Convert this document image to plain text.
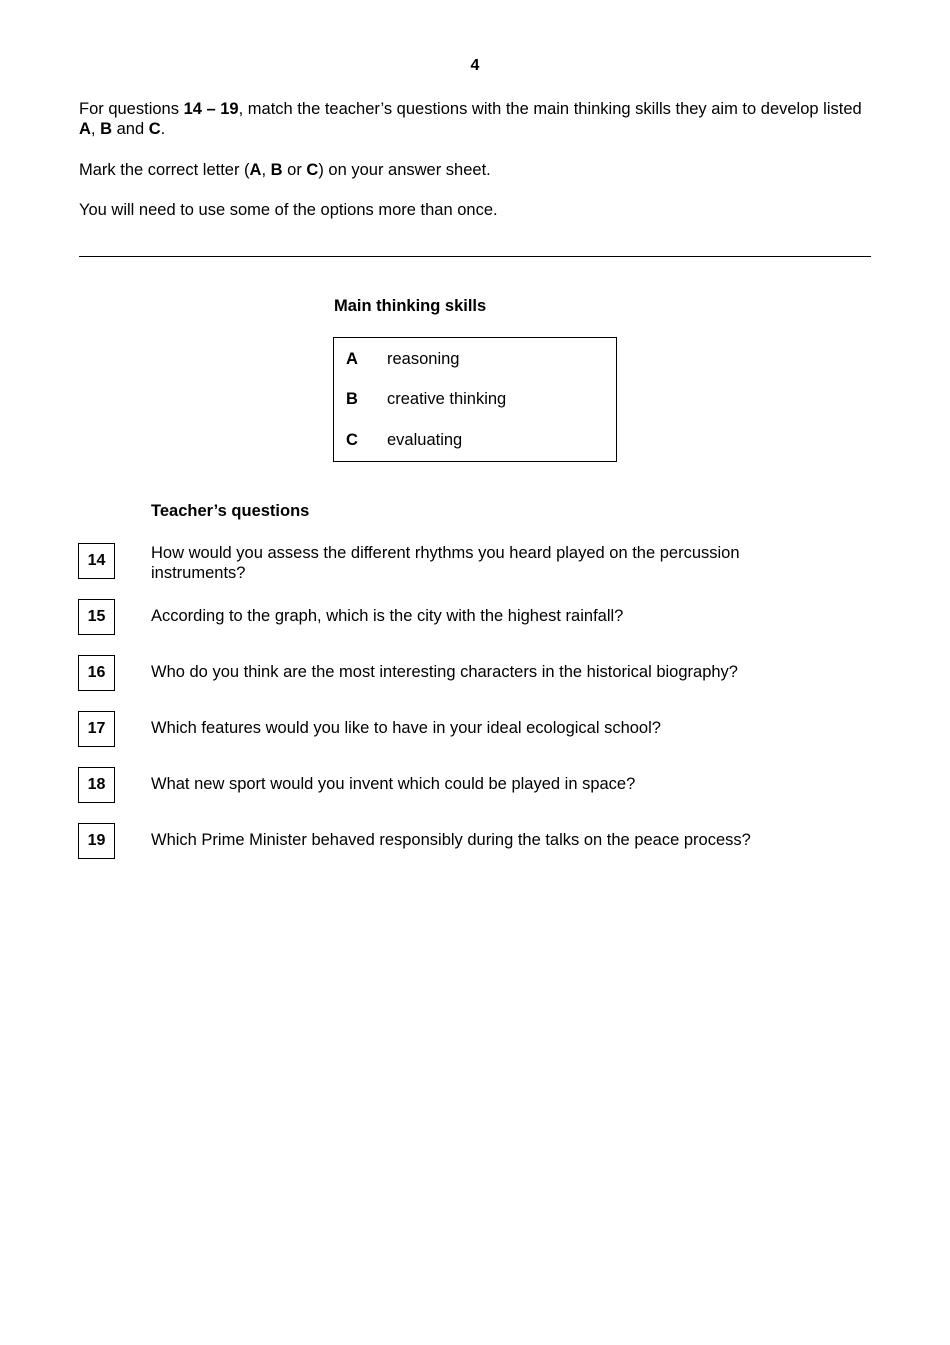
4
For questions 14 – 19, match the teacher’s questions with the main thinking skills they aim to develop listed A, B and C.
Mark the correct letter (A, B or C) on your answer sheet.
You will need to use some of the options more than once.
Main thinking skills
A reasoning
B creative thinking
C evaluating
Teacher’s questions
14	How would you assess the different rhythms you heard played on the percussion instruments?
15	According to the graph, which is the city with the highest rainfall?
16	Who do you think are the most interesting characters in the historical biography?
17	Which features would you like to have in your ideal ecological school?
18	What new sport would you invent which could be played in space?
19	Which Prime Minister behaved responsibly during the talks on the peace process?
